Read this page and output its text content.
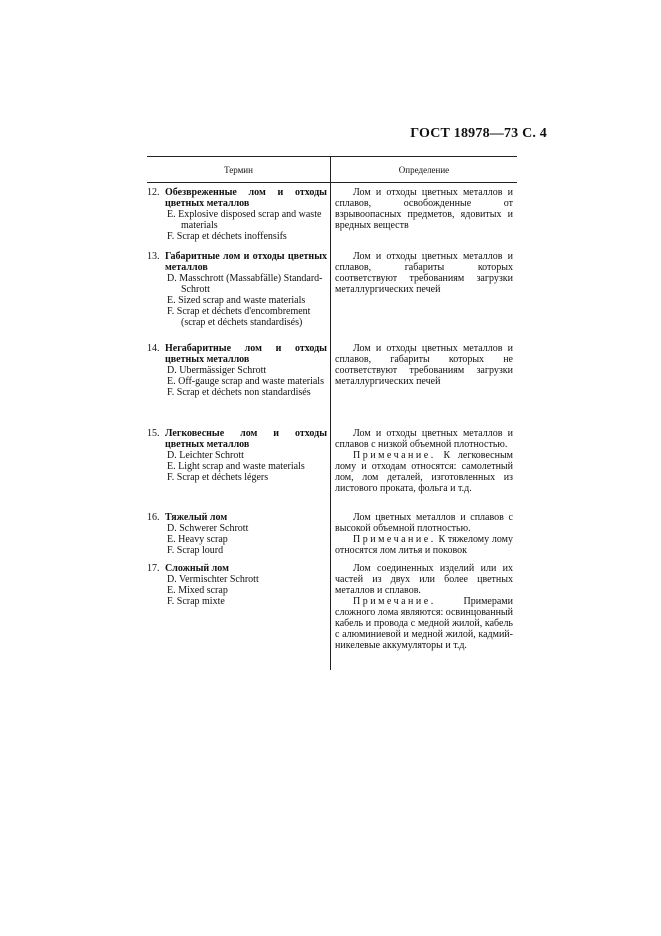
ГОСТ 18978—73 С. 4
Термин	Определение
12. Обезвреженные лом и отходы цветных металлов
E. Explosive disposed scrap and waste materials
F. Scrap et déchets inoffensifs

Лом и отходы цветных металлов и сплавов, освобожденные от взрывоопасных предметов, ядовитых и вредных веществ

13. Габаритные лом и отходы цветных металлов
D. Masschrott (Massabfälle) Standard-Schrott
E. Sized scrap and waste materials
F. Scrap et déchets d'encombrement (scrap et déchets standardisés)

Лом и отходы цветных металлов и сплавов, габариты которых соответствуют требованиям загрузки металлургических печей

14. Негабаритные лом и отходы цветных металлов
D. Ubermässiger Schrott
E. Off-gauge scrap and waste materials
F. Scrap et déchets non standardisés

Лом и отходы цветных металлов и сплавов, габариты которых не соответствуют требованиям загрузки металлургических печей

15. Легковесные лом и отходы цветных металлов
D. Leichter Schrott
E. Light scrap and waste materials
F. Scrap et déchets légers

Лом и отходы цветных металлов и сплавов с низкой объемной плотностью.

Примечание. К легковесным лому и отходам относятся: самолетный лом, лом деталей, изготовленных из листового проката, фольга и т.д.

16. Тяжелый лом
D. Schwerer Schrott
E. Heavy scrap
F. Scrap lourd

Лом цветных металлов и сплавов с высокой объемной плотностью.

Примечание. К тяжелому лому относятся лом литья и поковок

17. Сложный лом
D. Vermischter Schrott
E. Mixed scrap
F. Scrap mixte

Лом соединенных изделий или их частей из двух или более цветных металлов и сплавов.

Примечание.	Примерами сложного лома являются: освинцованный кабель и провода с медной жилой, кабель с алюминиевой и медной жилой, кадмий-никелевые аккумуляторы и т.д.
